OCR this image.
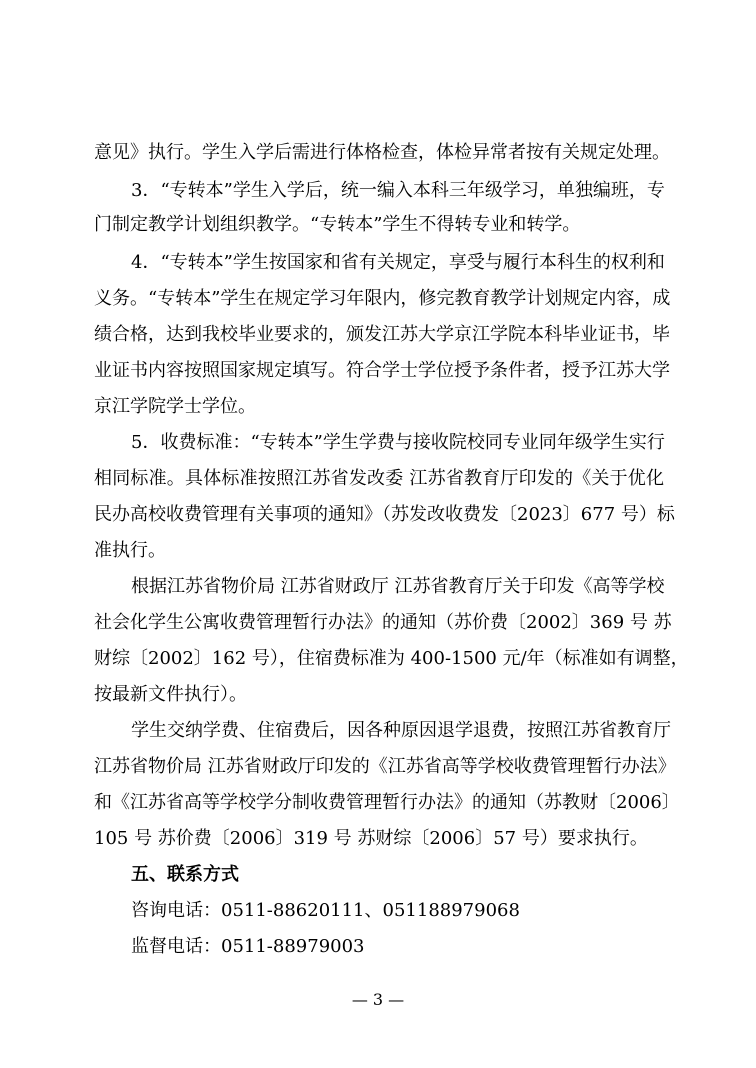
意见》执行。学生入学后需进行体格检查，体检异常者按有关规定处理。
3．“专转本”学生入学后，统一编入本科三年级学习，单独编班，专
门制定教学计划组织教学。“专转本”学生不得转专业和转学。
4．“专转本”学生按国家和省有关规定，享受与履行本科生的权利和
义务。“专转本”学生在规定学习年限内，修完教育教学计划规定内容，成
绩合格，达到我校毕业要求的，颁发江苏大学京江学院本科毕业证书，毕
业证书内容按照国家规定填写。符合学士学位授予条件者，授予江苏大学
京江学院学士学位。
5．收费标准：“专转本”学生学费与接收院校同专业同年级学生实行
相同标准。具体标准按照江苏省发改委 江苏省教育厅印发的《关于优化
民办高校收费管理有关事项的通知》（苏发改收费发〔2023〕677 号）标
准执行。
根据江苏省物价局 江苏省财政厅 江苏省教育厅关于印发《高等学校
社会化学生公寓收费管理暂行办法》的通知（苏价费〔2002〕369 号 苏
财综〔2002〕162 号），住宿费标准为 400-1500 元/年（标准如有调整，
按最新文件执行）。
学生交纳学费、住宿费后，因各种原因退学退费，按照江苏省教育厅
江苏省物价局 江苏省财政厅印发的《江苏省高等学校收费管理暂行办法》
和《江苏省高等学校学分制收费管理暂行办法》的通知（苏教财〔2006〕
105 号 苏价费〔2006〕319 号 苏财综〔2006〕57 号）要求执行。
五、联系方式
咨询电话：0511-88620111、051188979068
监督电话：0511-88979003
— 3 —
